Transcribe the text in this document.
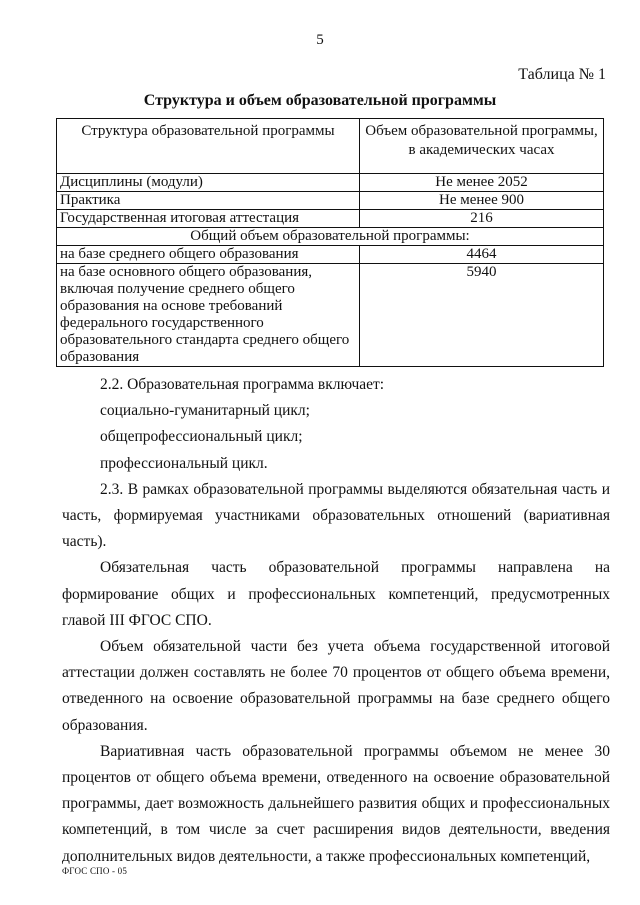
5
Таблица № 1
Структура и объем образовательной программы
Структура образовательной программы	Объем образовательной программы, в академических часах
Дисциплины (модули)	Не менее 2052
Практика	Не менее 900
Государственная итоговая аттестация	216
Общий объем образовательной программы:	
на базе среднего общего образования	4464
на базе основного общего образования, включая получение среднего общего образования на основе требований федерального государственного образовательного стандарта среднего общего образования	5940

2.2. Образовательная программа включает:

социально-гуманитарный цикл;

общепрофессиональный цикл;

профессиональный цикл.

2.3. В рамках образовательной программы выделяются обязательная часть и часть, формируемая участниками образовательных отношений (вариативная часть).

Обязательная часть образовательной программы направлена на формирование общих и профессиональных компетенций, предусмотренных главой III ФГОС СПО.

Объем обязательной части без учета объема государственной итоговой аттестации должен составлять не более 70 процентов от общего объема времени, отведенного на освоение образовательной программы на базе среднего общего образования.

Вариативная часть образовательной программы объемом не менее 30 процентов от общего объема времени, отведенного на освоение образовательной программы, дает возможность дальнейшего развития общих и профессиональных компетенций, в том числе за счет расширения видов деятельности, введения дополнительных видов деятельности, а также профессиональных компетенций,

ФГОС СПО - 05
